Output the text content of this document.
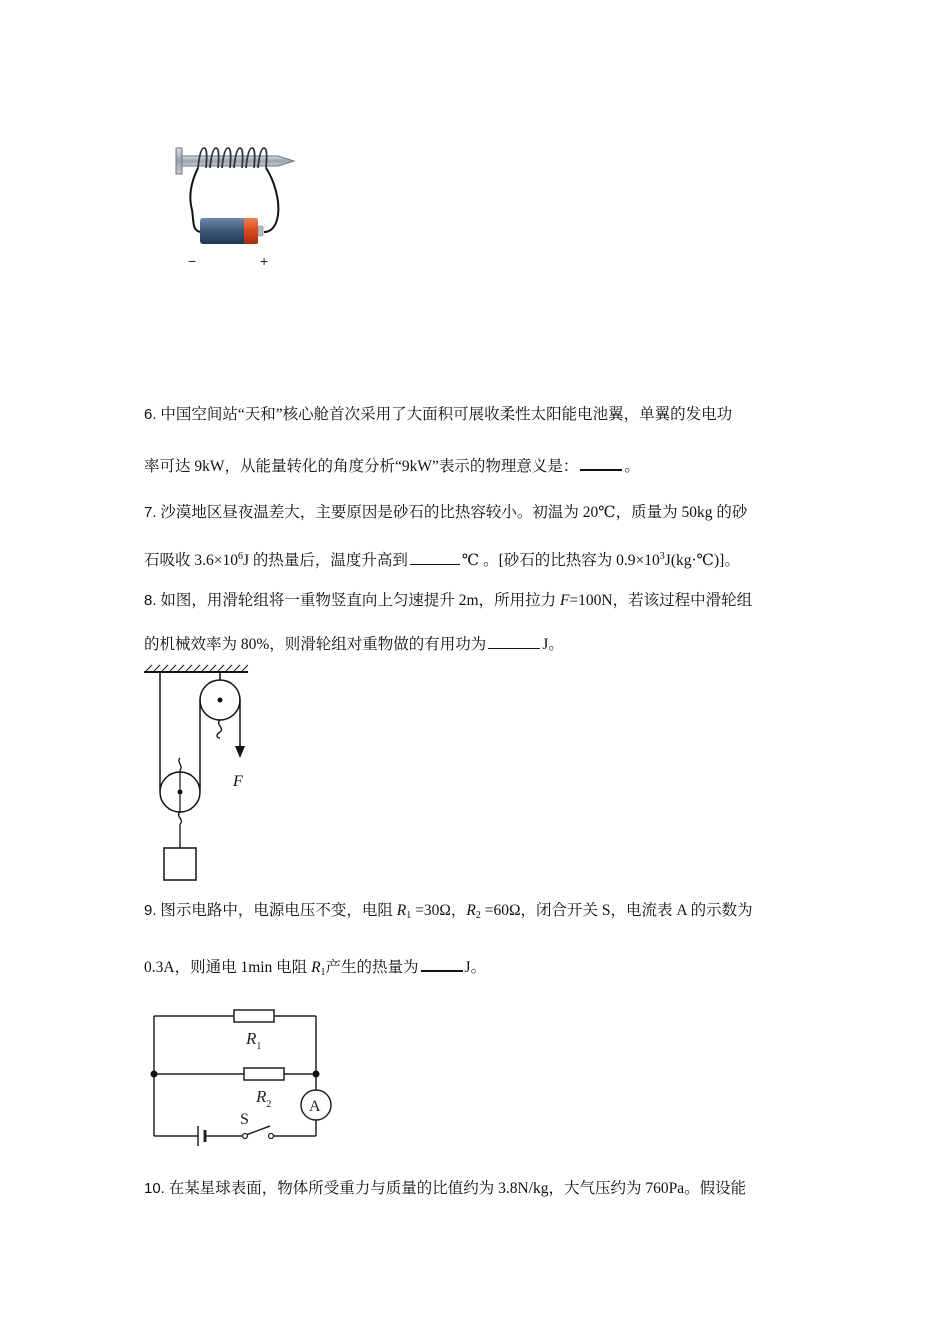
−	+
6. 中国空间站“天和”核心舱首次采用了大面积可展收柔性太阳能电池翼，单翼的发电功
率可达 9kW，从能量转化的角度分析“9kW”表示的物理意义是：	。
7. 沙漠地区昼夜温差大，主要原因是砂石的比热容较小。初温为 20℃，质量为 50kg 的砂
石吸收 $3.6\times 10^6J$ 的热量后，温度升高到	℃ 。[砂石的比热容为 $0.9\times 10^3J(kg\cdot℃)$]。
8. 如图，用滑轮组将一重物竖直向上匀速提升 2m，所用拉力 F=100N，若该过程中滑轮组
的机械效率为 80%，则滑轮组对重物做的有用功为	J。
F
9. 图示电路中，电源电压不变，电阻 $R_1 =30\Omega$，$R_2 =60\Omega$，闭合开关 S，电流表 A 的示数为
0.3A，则通电 1min 电阻 $R_1$产生的热量为	J。
$R_1$
$R_2$
S
A
10. 在某星球表面，物体所受重力与质量的比值约为 3.8N/kg，大气压约为 760Pa。假设能
